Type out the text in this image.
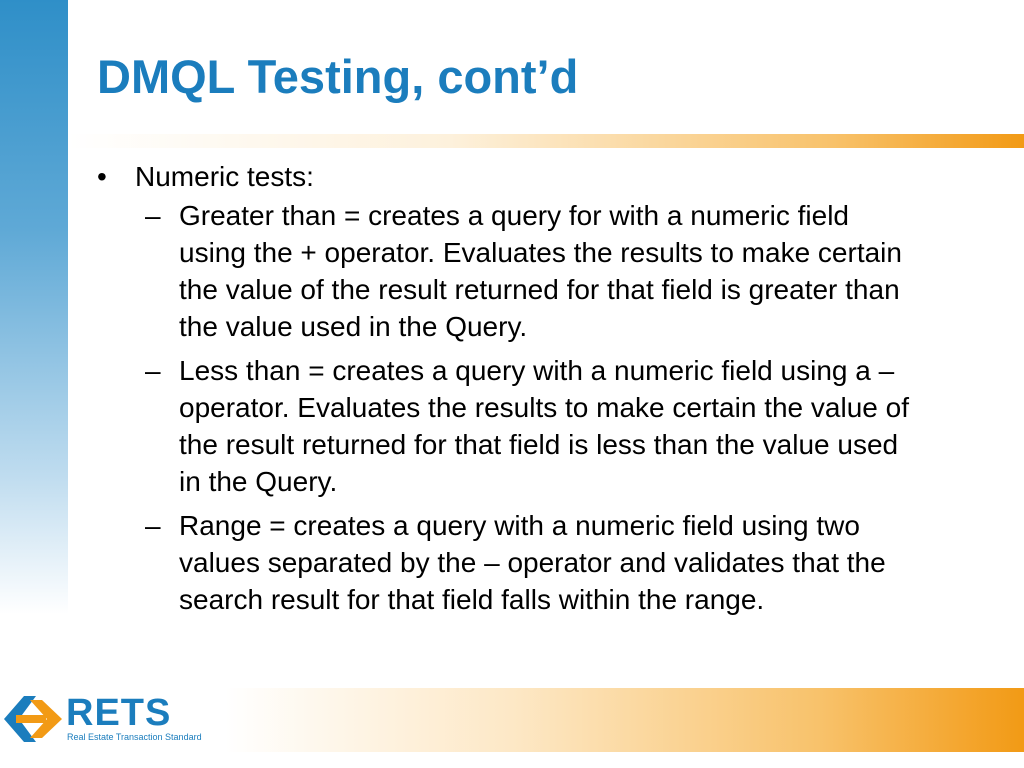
DMQL Testing, cont’d
• Numeric tests:
– Greater than = creates a query for with a numeric field using the + operator. Evaluates the results to make certain the value of the result returned for that field is greater than the value used in the Query.
– Less than = creates a query with a numeric field using a – operator. Evaluates the results to make certain the value of the result returned for that field is less than the value used in the Query.
– Range = creates a query with a numeric field using two values separated by the – operator and validates that the search result for that field falls within the range.
RETS
Real Estate Transaction Standard
